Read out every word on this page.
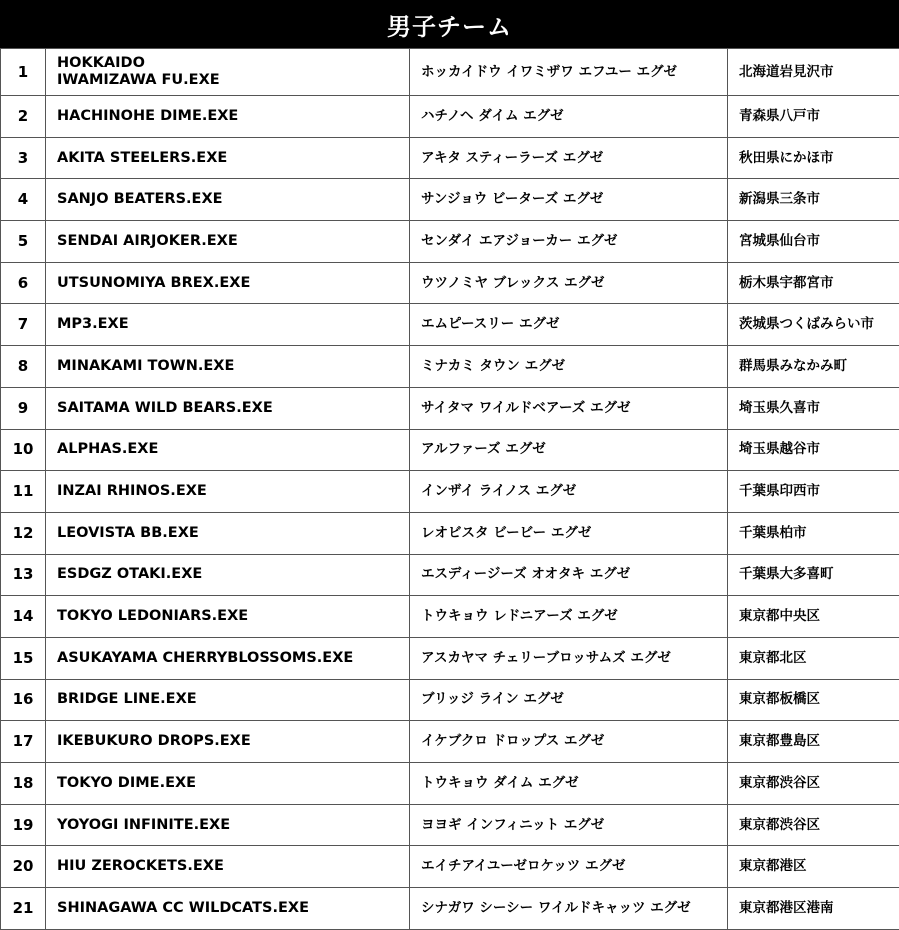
男子チーム
1	HOKKAIDO
IWAMIZAWA FU.EXE	ホッカイドウ イワミザワ エフユー エグゼ	北海道岩見沢市
2	HACHINOHE DIME.EXE	ハチノヘ ダイム エグゼ	青森県八戸市
3	AKITA STEELERS.EXE	アキタ スティーラーズ エグゼ	秋田県にかほ市
4	SANJO BEATERS.EXE	サンジョウ ビーターズ エグゼ	新潟県三条市
5	SENDAI AIRJOKER.EXE	センダイ エアジョーカー エグゼ	宮城県仙台市
6	UTSUNOMIYA BREX.EXE	ウツノミヤ ブレックス エグゼ	栃木県宇都宮市
7	MP3.EXE	エムピースリー エグゼ	茨城県つくばみらい市
8	MINAKAMI TOWN.EXE	ミナカミ タウン エグゼ	群馬県みなかみ町
9	SAITAMA WILD BEARS.EXE	サイタマ ワイルドベアーズ エグゼ	埼玉県久喜市
10	ALPHAS.EXE	アルファーズ エグゼ	埼玉県越谷市
11	INZAI RHINOS.EXE	インザイ ライノス エグゼ	千葉県印西市
12	LEOVISTA BB.EXE	レオビスタ ビービー エグゼ	千葉県柏市
13	ESDGZ OTAKI.EXE	エスディージーズ オオタキ エグゼ	千葉県大多喜町
14	TOKYO LEDONIARS.EXE	トウキョウ レドニアーズ エグゼ	東京都中央区
15	ASUKAYAMA CHERRYBLOSSOMS.EXE	アスカヤマ チェリーブロッサムズ エグゼ	東京都北区
16	BRIDGE LINE.EXE	ブリッジ ライン エグゼ	東京都板橋区
17	IKEBUKURO DROPS.EXE	イケブクロ ドロップス エグゼ	東京都豊島区
18	TOKYO DIME.EXE	トウキョウ ダイム エグゼ	東京都渋谷区
19	YOYOGI INFINITE.EXE	ヨヨギ インフィニット エグゼ	東京都渋谷区
20	HIU ZEROCKETS.EXE	エイチアイユーゼロケッツ エグゼ	東京都港区
21	SHINAGAWA CC WILDCATS.EXE	シナガワ シーシー ワイルドキャッツ エグゼ	東京都港区港南
